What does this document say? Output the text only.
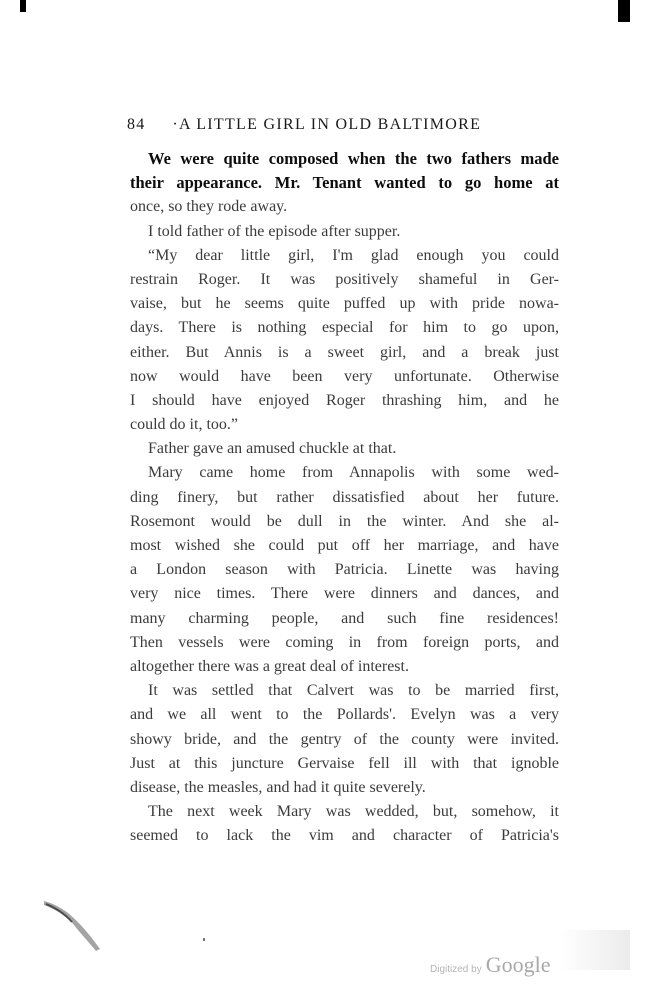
84 ·A LITTLE GIRL IN OLD BALTIMORE
We were quite composed when the two fathers made
their appearance. Mr. Tenant wanted to go home at
once, so they rode away.
I told father of the episode after supper.
“My dear little girl, I'm glad enough you could
restrain Roger. It was positively shameful in Ger-
vaise, but he seems quite puffed up with pride nowa-
days. There is nothing especial for him to go upon,
either. But Annis is a sweet girl, and a break just
now would have been very unfortunate. Otherwise
I should have enjoyed Roger thrashing him, and he
could do it, too.”
Father gave an amused chuckle at that.
Mary came home from Annapolis with some wed-
ding finery, but rather dissatisfied about her future.
Rosemont would be dull in the winter. And she al-
most wished she could put off her marriage, and have
a London season with Patricia. Linette was having
very nice times. There were dinners and dances, and
many charming people, and such fine residences!
Then vessels were coming in from foreign ports, and
altogether there was a great deal of interest.
It was settled that Calvert was to be married first,
and we all went to the Pollards'. Evelyn was a very
showy bride, and the gentry of the county were invited.
Just at this juncture Gervaise fell ill with that ignoble
disease, the measles, and had it quite severely.
The next week Mary was wedded, but, somehow, it
seemed to lack the vim and character of Patricia's
Digitized by Google
